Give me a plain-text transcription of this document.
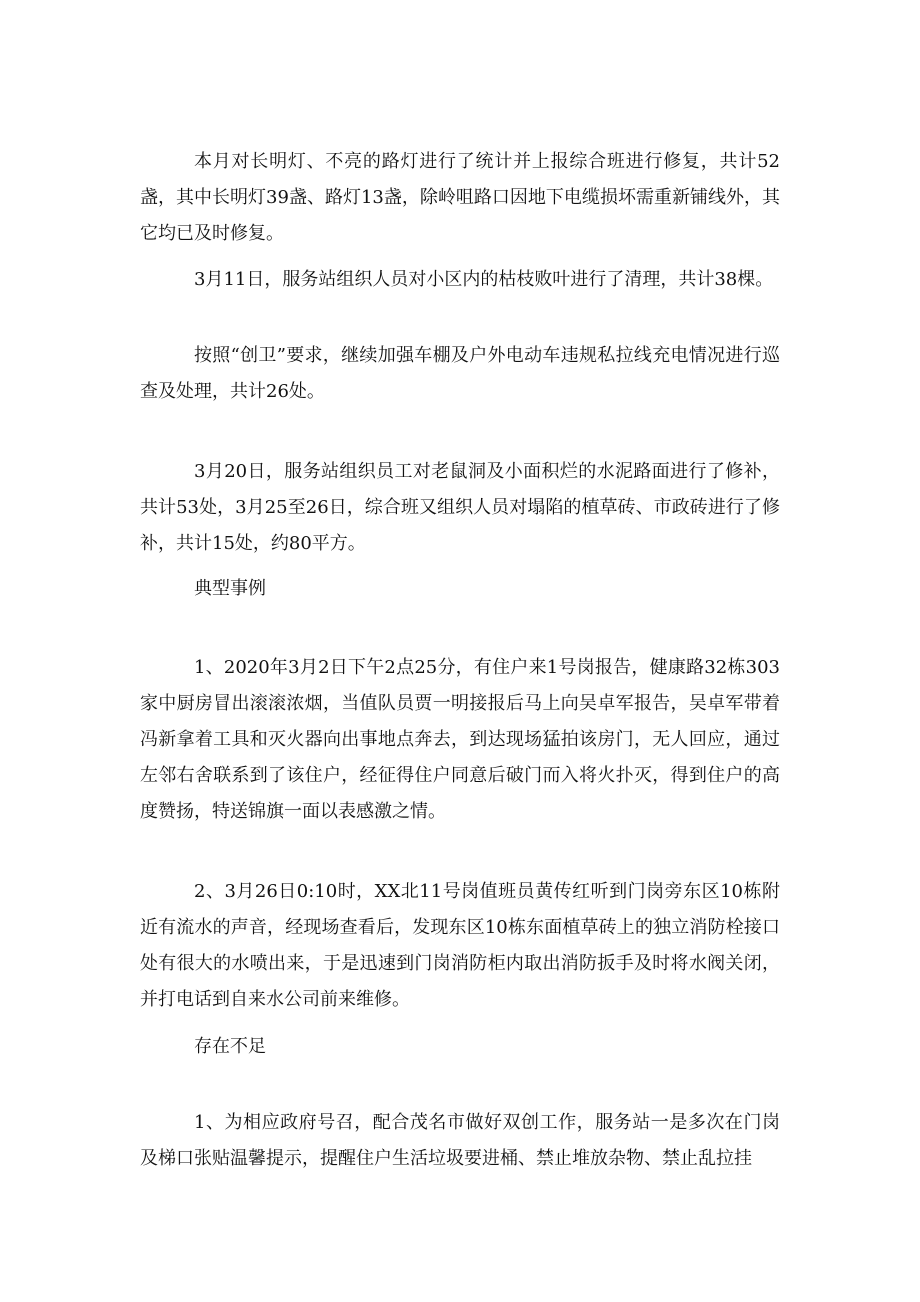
本月对长明灯、不亮的路灯进行了统计并上报综合班进行修复，共计52盏，其中长明灯39盏、路灯13盏，除岭咀路口因地下电缆损坏需重新铺线外，其它均已及时修复。

3月11日，服务站组织人员对小区内的枯枝败叶进行了清理，共计38棵。

按照“创卫”要求，继续加强车棚及户外电动车违规私拉线充电情况进行巡查及处理，共计26处。

3月20日，服务站组织员工对老鼠洞及小面积烂的水泥路面进行了修补，共计53处，3月25至26日，综合班又组织人员对塌陷的植草砖、市政砖进行了修补，共计15处，约80平方。

典型事例

1、2020年3月2日下午2点25分，有住户来1号岗报告，健康路32栋303家中厨房冒出滚滚浓烟，当值队员贾一明接报后马上向吴卓军报告，吴卓军带着冯新拿着工具和灭火器向出事地点奔去，到达现场猛拍该房门，无人回应，通过左邻右舍联系到了该住户，经征得住户同意后破门而入将火扑灭，得到住户的高度赞扬，特送锦旗一面以表感激之情。

2、3月26日0:10时，XX北11号岗值班员黄传红听到门岗旁东区10栋附近有流水的声音，经现场查看后，发现东区10栋东面植草砖上的独立消防栓接口处有很大的水喷出来，于是迅速到门岗消防柜内取出消防扳手及时将水阀关闭，并打电话到自来水公司前来维修。

存在不足

1、为相应政府号召，配合茂名市做好双创工作，服务站一是多次在门岗及梯口张贴温馨提示，提醒住户生活垃圾要进桶、禁止堆放杂物、禁止乱拉挂
